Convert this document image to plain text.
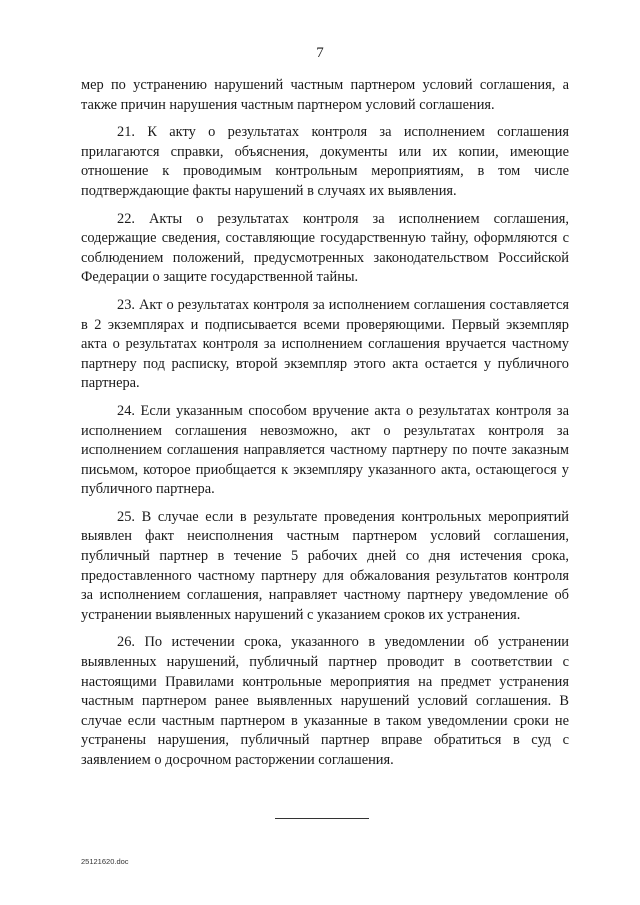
7

мер по устранению нарушений частным партнером условий соглашения, а также причин нарушения частным партнером условий соглашения.

21. К акту о результатах контроля за исполнением соглашения прилагаются справки, объяснения, документы или их копии, имеющие отношение к проводимым контрольным мероприятиям, в том числе подтверждающие факты нарушений в случаях их выявления.

22. Акты о результатах контроля за исполнением соглашения, содержащие сведения, составляющие государственную тайну, оформляются с соблюдением положений, предусмотренных законодательством Российской Федерации о защите государственной тайны.

23. Акт о результатах контроля за исполнением соглашения составляется в 2 экземплярах и подписывается всеми проверяющими. Первый экземпляр акта о результатах контроля за исполнением соглашения вручается частному партнеру под расписку, второй экземпляр этого акта остается у публичного партнера.

24. Если указанным способом вручение акта о результатах контроля за исполнением соглашения невозможно, акт о результатах контроля за исполнением соглашения направляется частному партнеру по почте заказным письмом, которое приобщается к экземпляру указанного акта, остающегося у публичного партнера.

25. В случае если в результате проведения контрольных мероприятий выявлен факт неисполнения частным партнером условий соглашения, публичный партнер в течение 5 рабочих дней со дня истечения срока, предоставленного частному партнеру для обжалования результатов контроля за исполнением соглашения, направляет частному партнеру уведомление об устранении выявленных нарушений с указанием сроков их устранения.

26. По истечении срока, указанного в уведомлении об устранении выявленных нарушений, публичный партнер проводит в соответствии с настоящими Правилами контрольные мероприятия на предмет устранения частным партнером ранее выявленных нарушений условий соглашения. В случае если частным партнером в указанные в таком уведомлении сроки не устранены нарушения, публичный партнер вправе обратиться в суд с заявлением о досрочном расторжении соглашения.

25121620.doc
